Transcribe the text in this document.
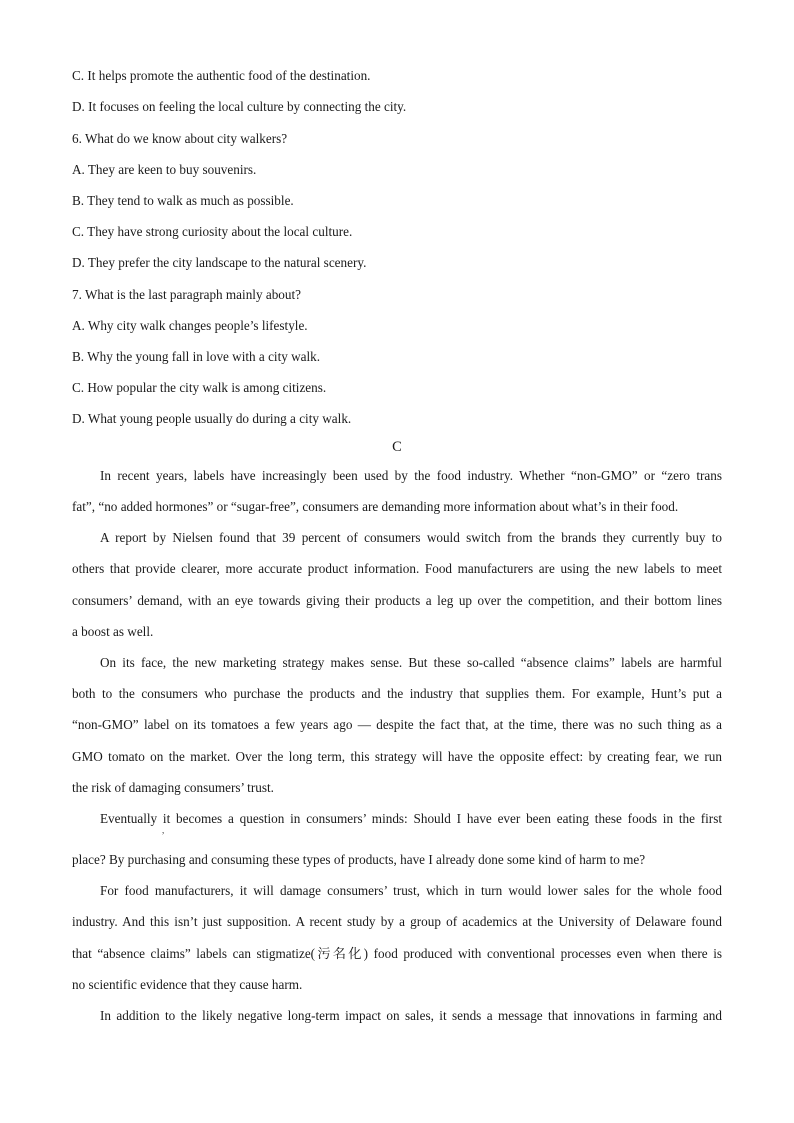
C. It helps promote the authentic food of the destination.
D. It focuses on feeling the local culture by connecting the city.
6. What do we know about city walkers?
A. They are keen to buy souvenirs.
B. They tend to walk as much as possible.
C. They have strong curiosity about the local culture.
D. They prefer the city landscape to the natural scenery.
7. What is the last paragraph mainly about?
A. Why city walk changes people’s lifestyle.
B. Why the young fall in love with a city walk.
C. How popular the city walk is among citizens.
D. What young people usually do during a city walk.
C
In recent years, labels have increasingly been used by the food industry. Whether “non-GMO” or “zero trans
fat”, “no added hormones” or “sugar-free”, consumers are demanding more information about what’s in their food.
A report by Nielsen found that 39 percent of consumers would switch from the brands they currently buy to
others that provide clearer, more accurate product information. Food manufacturers are using the new labels to meet
consumers’ demand, with an eye towards giving their products a leg up over the competition, and their bottom lines
a boost as well.
On its face, the new marketing strategy makes sense. But these so-called “absence claims” labels are harmful
both to the consumers who purchase the products and the industry that supplies them. For example, Hunt’s put a
“non-GMO” label on its tomatoes a few years ago — despite the fact that, at the time, there was no such thing as a
GMO tomato on the market. Over the long term, this strategy will have the opposite effect: by creating fear, we run
the risk of damaging consumers’ trust.
Eventually it becomes a question in consumers’ minds: Should I have ever been eating these foods in the first
,
place? By purchasing and consuming these types of products, have I already done some kind of harm to me?
For food manufacturers, it will damage consumers’ trust, which in turn would lower sales for the whole food
industry. And this isn’t just supposition. A recent study by a group of academics at the University of Delaware found
that “absence claims” labels can stigmatize(污名化) food produced with conventional processes even when there is
no scientific evidence that they cause harm.
In addition to the likely negative long-term impact on sales, it sends a message that innovations in farming and
